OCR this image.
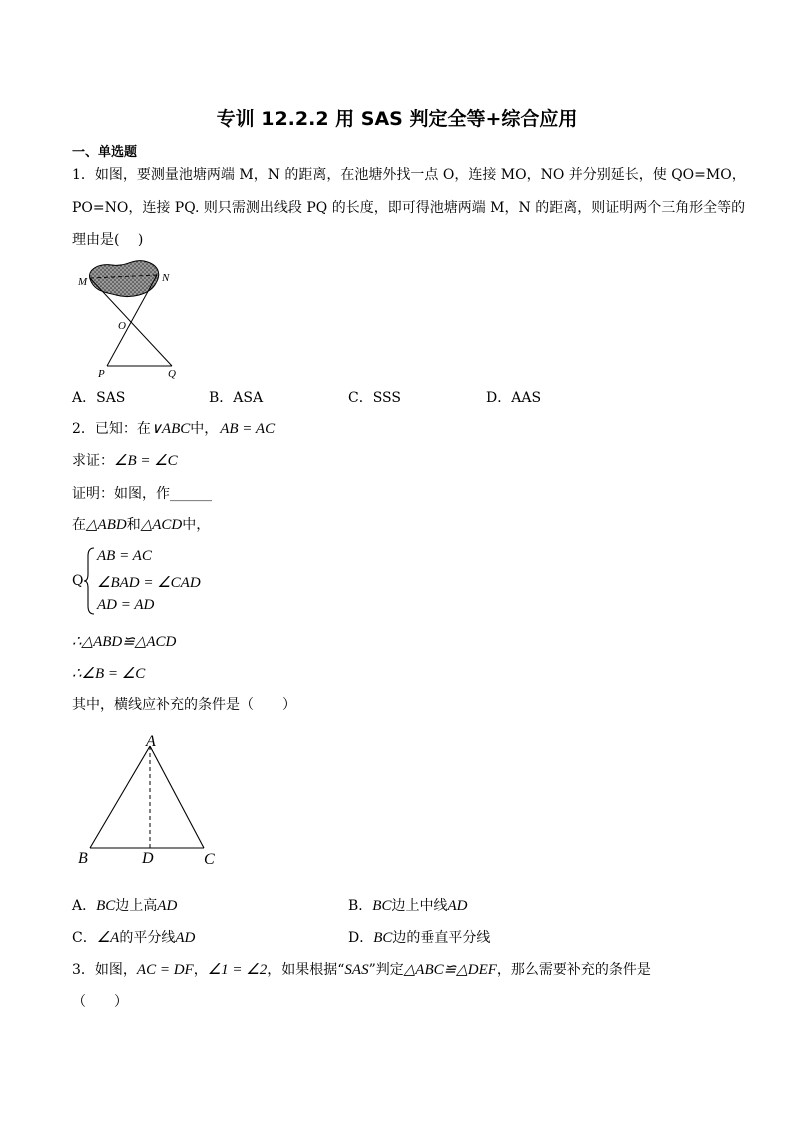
专训 12.2.2 用 SAS 判定全等+综合应用
一、单选题
1．如图，要测量池塘两端 M，N 的距离，在池塘外找一点 O，连接 MO，NO 并分别延长，使 QO=MO，
PO=NO，连接 PQ. 则只需测出线段 PQ 的长度，即可得池塘两端 M，N 的距离，则证明两个三角形全等的
理由是(　 )
M	N
O
P	Q
A．SAS	B．ASA	C．SSS	D．AAS
2．已知：在∨ABC中， AB = AC
求证：∠B = ∠C
证明：如图，作______
在△ABD和△ACD中，
Q
AB = AC
∠BAD = ∠CAD
AD = AD
∴△ABD≌△ACD
∴∠B = ∠C
其中，横线应补充的条件是（　　）
A
B	D	C
A．BC边上高AD	B．BC边上中线AD
C．∠A的平分线AD	D．BC边的垂直平分线
3．如图，AC = DF，∠1 = ∠2，如果根据“SAS”判定△ABC≌△DEF，那么需要补充的条件是
（　　）
